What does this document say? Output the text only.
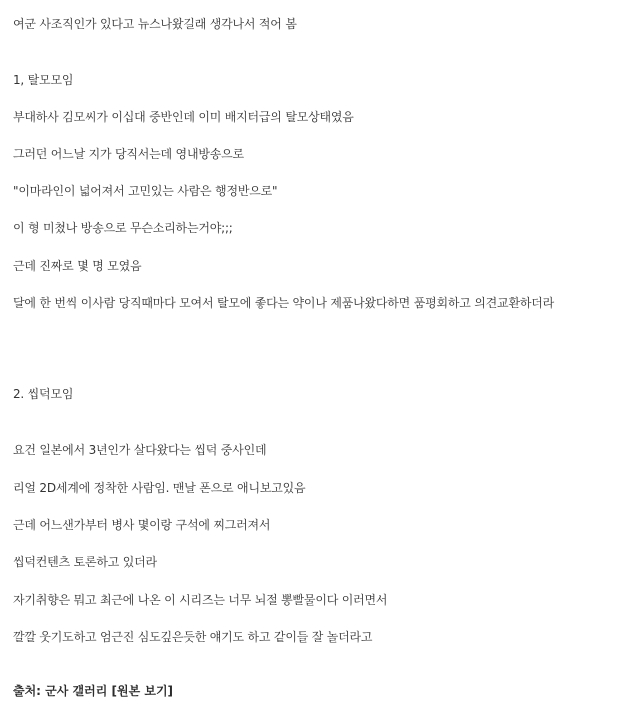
여군 사조직인가 있다고 뉴스나왔길래 생각나서 적어 봄
1, 탈모모임
부대하사 김모씨가 이십대 중반인데 이미 배지터급의 탈모상태였음
그러던 어느날 지가 당직서는데 영내방송으로
"이마라인이 넓어져서 고민있는 사람은 행정반으로"
이 형 미쳤나 방송으로 무슨소리하는거야;;;
근데 진짜로 몇 명 모였음
달에 한 번씩 이사람 당직때마다 모여서 탈모에 좋다는 약이나 제품나왔다하면 품평회하고 의견교환하더라
2. 씹덕모임
요건 일본에서 3년인가 살다왔다는 씹덕 중사인데
리얼 2D세계에 정착한 사람임. 맨날 폰으로 애니보고있음
근데 어느샌가부터 병사 몇이랑 구석에 찌그러져서
씹덕컨텐츠 토론하고 있더라
자기취향은 뭐고 최근에 나온 이 시리즈는 너무 뇌절 뽕빨물이다 이러면서
깔깔 웃기도하고 엄근진 심도깊은듯한 얘기도 하고 같이들 잘 놀더라고
출처: 군사 갤러리 [원본 보기]
